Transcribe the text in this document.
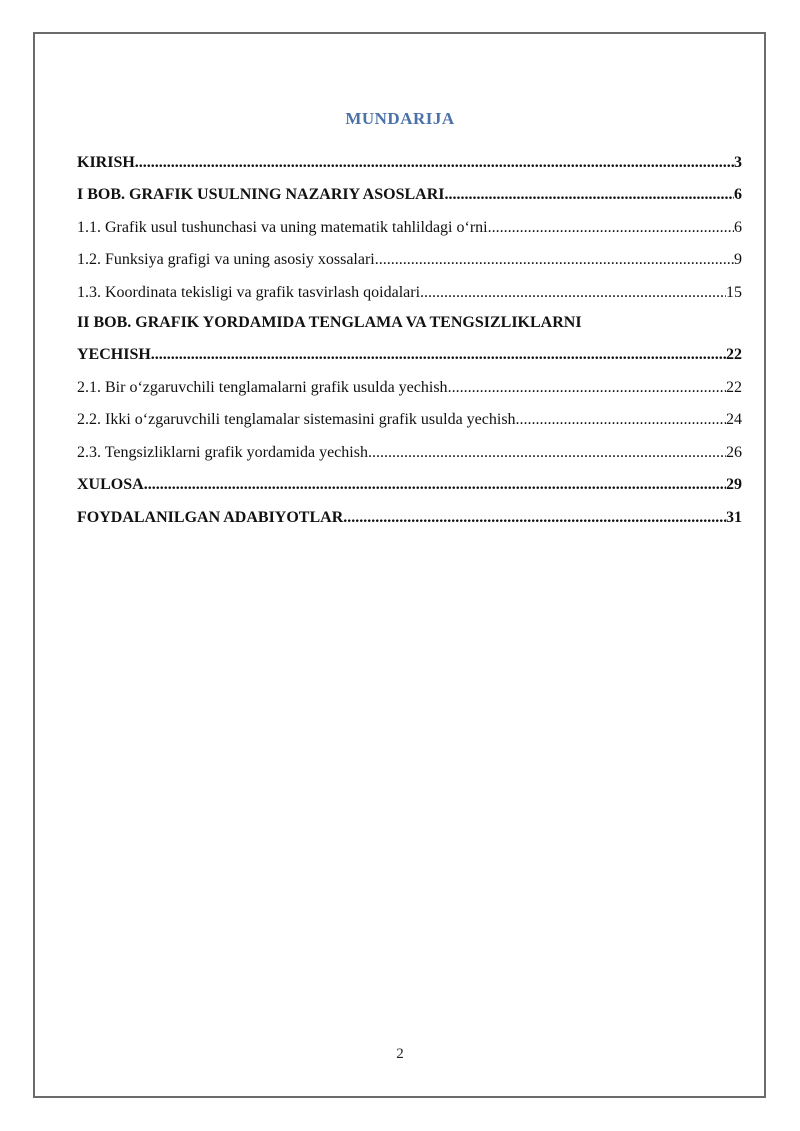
MUNDARIJA
KIRISH .....	3
I BOB. GRAFIK USULNING NAZARIY ASOSLARI .....	6
1.1. Grafik usul tushunchasi va uning matematik tahlildagi o‘rni .....	6
1.2. Funksiya grafigi va uning asosiy xossalari .....	9
1.3. Koordinata tekisligi va grafik tasvirlash qoidalari .....	15
II BOB. GRAFIK YORDAMIDA TENGLAMA VA TENGSIZLIKLARNI
YECHISH .....	22
2.1. Bir o‘zgaruvchili tenglamalarni grafik usulda yechish .....	22
2.2. Ikki o‘zgaruvchili tenglamalar sistemasini grafik usulda yechish .....	24
2.3. Tengsizliklarni grafik yordamida yechish .....	26
XULOSA .....	29
FOYDALANILGAN ADABIYOTLAR .....	31
2
